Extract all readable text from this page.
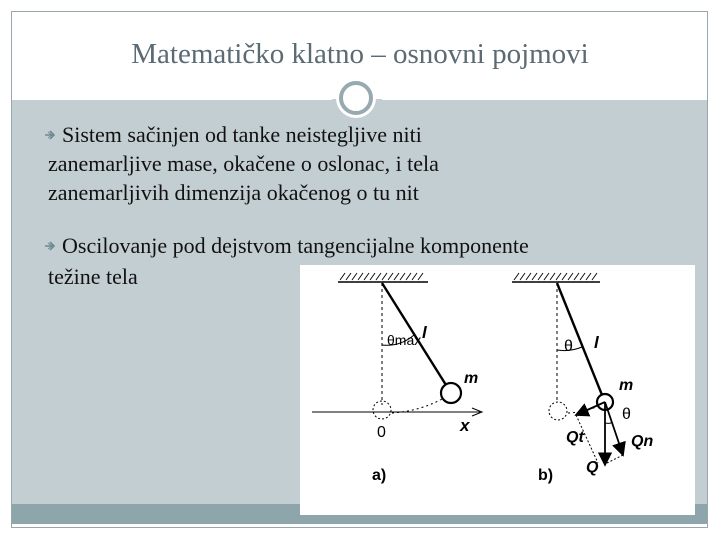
Matematičko klatno – osnovni pojmovi
Sistem sačinjen od tanke neistegljive niti
zanemarljive mase, okačene o oslonac, i tela
zanemarljivih dimenzija okačenog o tu nit
Oscilovanje pod dejstvom tangencijalne komponente
težine tela
l
θmax
m
0	x
a)
l
θ
m
θ
Qt	Qn
Q
b)
